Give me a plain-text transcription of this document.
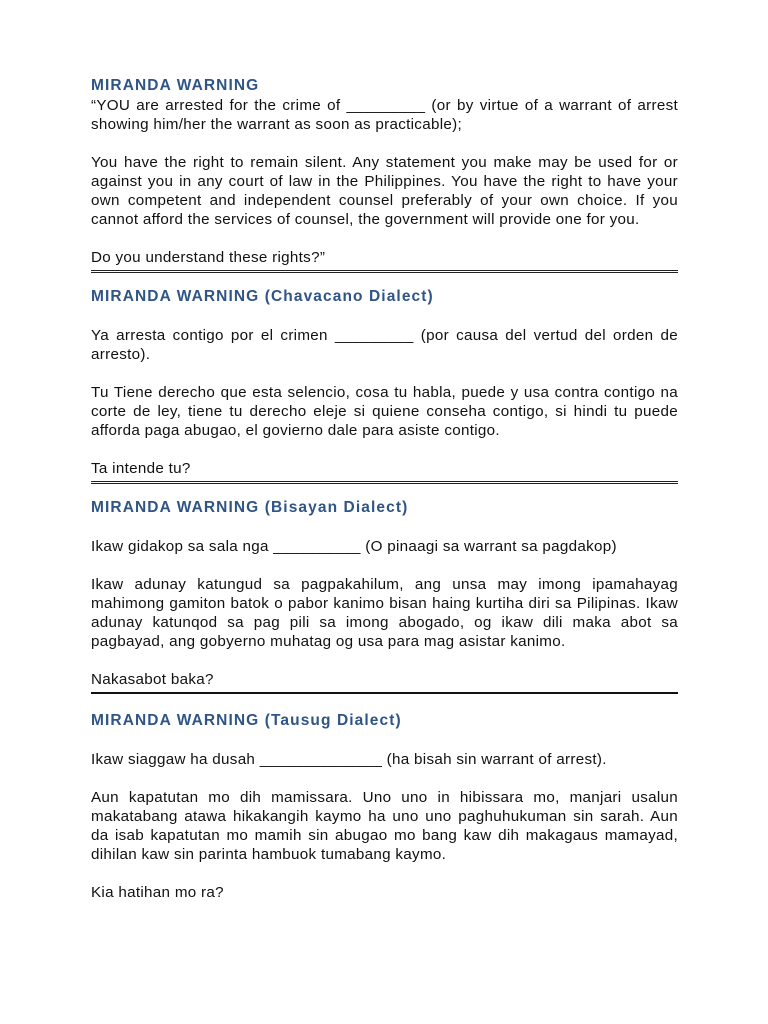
MIRANDA WARNING

“YOU are arrested for the crime of _________ (or by virtue of a warrant of arrest showing him/her the warrant as soon as practicable);

You have the right to remain silent. Any statement you make may be used for or against you in any court of law in the Philippines. You have the right to have your own competent and independent counsel preferably of your own choice. If you cannot afford the services of counsel, the government will provide one for you.

Do you understand these rights?”

MIRANDA WARNING (Chavacano Dialect)

Ya arresta contigo por el crimen _________ (por causa del vertud del orden de arresto).

Tu Tiene derecho que esta selencio, cosa tu habla, puede y usa contra contigo na corte de ley, tiene tu derecho eleje si quiene conseha contigo, si hindi tu puede afforda paga abugao, el govierno dale para asiste contigo.

Ta intende tu?

MIRANDA WARNING (Bisayan Dialect)

Ikaw gidakop sa sala nga __________ (O pinaagi sa warrant sa pagdakop)

Ikaw adunay katungud sa pagpakahilum, ang unsa may imong ipamahayag mahimong gamiton batok o pabor kanimo bisan haing kurtiha diri sa Pilipinas. Ikaw adunay katunqod sa pag pili sa imong abogado, og ikaw dili maka abot sa pagbayad, ang gobyerno muhatag og usa para mag asistar kanimo.

Nakasabot baka?

MIRANDA WARNING (Tausug Dialect)

Ikaw siaggaw ha dusah ______________ (ha bisah sin warrant of arrest).

Aun kapatutan mo dih mamissara. Uno uno in hibissara mo, manjari usalun makatabang atawa hikakangih kaymo ha uno uno paghuhukuman sin sarah. Aun da isab kapatutan mo mamih sin abugao mo bang kaw dih makagaus mamayad, dihilan kaw sin parinta hambuok tumabang kaymo.

Kia hatihan mo ra?
